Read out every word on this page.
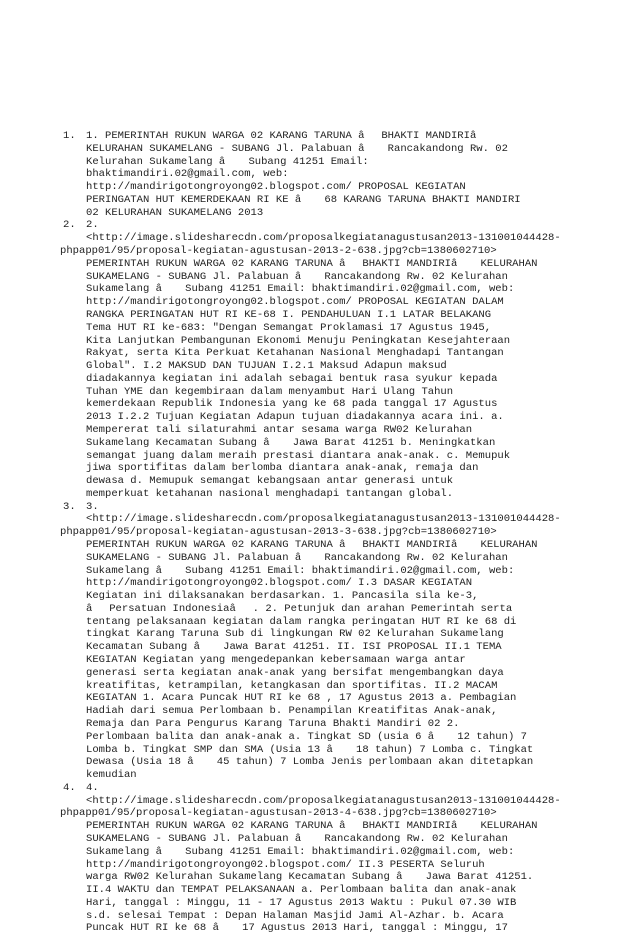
1. 1. PEMERINTAH RUKUN WARGA 02 KARANG TARUNA âBHAKTI MANDIRIâ
KELURAHAN SUKAMELANG - SUBANG Jl. Palabuan â Rancakandong Rw. 02
Kelurahan Sukamelang â Subang 41251 Email:
bhaktimandiri.02@gmail.com, web:
http://mandirigotongroyong02.blogspot.com/ PROPOSAL KEGIATAN
PERINGATAN HUT KEMERDEKAAN RI KE â 68 KARANG TARUNA BHAKTI MANDIRI
02 KELURAHAN SUKAMELANG 2013
2. 2.
<http://image.slidesharecdn.com/proposalkegiatanagustusan2013-131001044428-
phpapp01/95/proposal-kegiatan-agustusan-2013-2-638.jpg?cb=1380602710>
PEMERINTAH RUKUN WARGA 02 KARANG TARUNA âBHAKTI MANDIRIâ KELURAHAN
SUKAMELANG - SUBANG Jl. Palabuan â Rancakandong Rw. 02 Kelurahan
Sukamelang â Subang 41251 Email: bhaktimandiri.02@gmail.com, web:
http://mandirigotongroyong02.blogspot.com/ PROPOSAL KEGIATAN DALAM
RANGKA PERINGATAN HUT RI KE-68 I. PENDAHULUAN I.1 LATAR BELAKANG
Tema HUT RI ke-683: "Dengan Semangat Proklamasi 17 Agustus 1945,
Kita Lanjutkan Pembangunan Ekonomi Menuju Peningkatan Kesejahteraan
Rakyat, serta Kita Perkuat Ketahanan Nasional Menghadapi Tantangan
Global". I.2 MAKSUD DAN TUJUAN I.2.1 Maksud Adapun maksud
diadakannya kegiatan ini adalah sebagai bentuk rasa syukur kepada
Tuhan YME dan kegembiraan dalam menyambut Hari Ulang Tahun
kemerdekaan Republik Indonesia yang ke 68 pada tanggal 17 Agustus
2013 I.2.2 Tujuan Kegiatan Adapun tujuan diadakannya acara ini. a.
Mempererat tali silaturahmi antar sesama warga RW02 Kelurahan
Sukamelang Kecamatan Subang â Jawa Barat 41251 b. Meningkatkan
semangat juang dalam meraih prestasi diantara anak-anak. c. Memupuk
jiwa sportifitas dalam berlomba diantara anak-anak, remaja dan
dewasa d. Memupuk semangat kebangsaan antar generasi untuk
memperkuat ketahanan nasional menghadapi tantangan global.
3. 3.
<http://image.slidesharecdn.com/proposalkegiatanagustusan2013-131001044428-
phpapp01/95/proposal-kegiatan-agustusan-2013-3-638.jpg?cb=1380602710>
PEMERINTAH RUKUN WARGA 02 KARANG TARUNA âBHAKTI MANDIRIâ KELURAHAN
SUKAMELANG - SUBANG Jl. Palabuan â Rancakandong Rw. 02 Kelurahan
Sukamelang â Subang 41251 Email: bhaktimandiri.02@gmail.com, web:
http://mandirigotongroyong02.blogspot.com/ I.3 DASAR KEGIATAN
Kegiatan ini dilaksanakan berdasarkan. 1. Pancasila sila ke-3,
âPersatuan Indonesiaâ. 2. Petunjuk dan arahan Pemerintah serta
tentang pelaksanaan kegiatan dalam rangka peringatan HUT RI ke 68 di
tingkat Karang Taruna Sub di lingkungan RW 02 Kelurahan Sukamelang
Kecamatan Subang â Jawa Barat 41251. II. ISI PROPOSAL II.1 TEMA
KEGIATAN Kegiatan yang mengedepankan kebersamaan warga antar
generasi serta kegiatan anak-anak yang bersifat mengembangkan daya
kreatifitas, ketrampilan, ketangkasan dan sportifitas. II.2 MACAM
KEGIATAN 1. Acara Puncak HUT RI ke 68 , 17 Agustus 2013 a. Pembagian
Hadiah dari semua Perlombaan b. Penampilan Kreatifitas Anak-anak,
Remaja dan Para Pengurus Karang Taruna Bhakti Mandiri 02 2.
Perlombaan balita dan anak-anak a. Tingkat SD (usia 6 â 12 tahun) 7
Lomba b. Tingkat SMP dan SMA (Usia 13 â 18 tahun) 7 Lomba c. Tingkat
Dewasa (Usia 18 â 45 tahun) 7 Lomba Jenis perlombaan akan ditetapkan
kemudian
4. 4.
<http://image.slidesharecdn.com/proposalkegiatanagustusan2013-131001044428-
phpapp01/95/proposal-kegiatan-agustusan-2013-4-638.jpg?cb=1380602710>
PEMERINTAH RUKUN WARGA 02 KARANG TARUNA âBHAKTI MANDIRIâ KELURAHAN
SUKAMELANG - SUBANG Jl. Palabuan â Rancakandong Rw. 02 Kelurahan
Sukamelang â Subang 41251 Email: bhaktimandiri.02@gmail.com, web:
http://mandirigotongroyong02.blogspot.com/ II.3 PESERTA Seluruh
warga RW02 Kelurahan Sukamelang Kecamatan Subang â Jawa Barat 41251.
II.4 WAKTU dan TEMPAT PELAKSANAAN a. Perlombaan balita dan anak-anak
Hari, tanggal : Minggu, 11 - 17 Agustus 2013 Waktu : Pukul 07.30 WIB
s.d. selesai Tempat : Depan Halaman Masjid Jami Al-Azhar. b. Acara
Puncak HUT RI ke 68 â 17 Agustus 2013 Hari, tanggal : Minggu, 17
